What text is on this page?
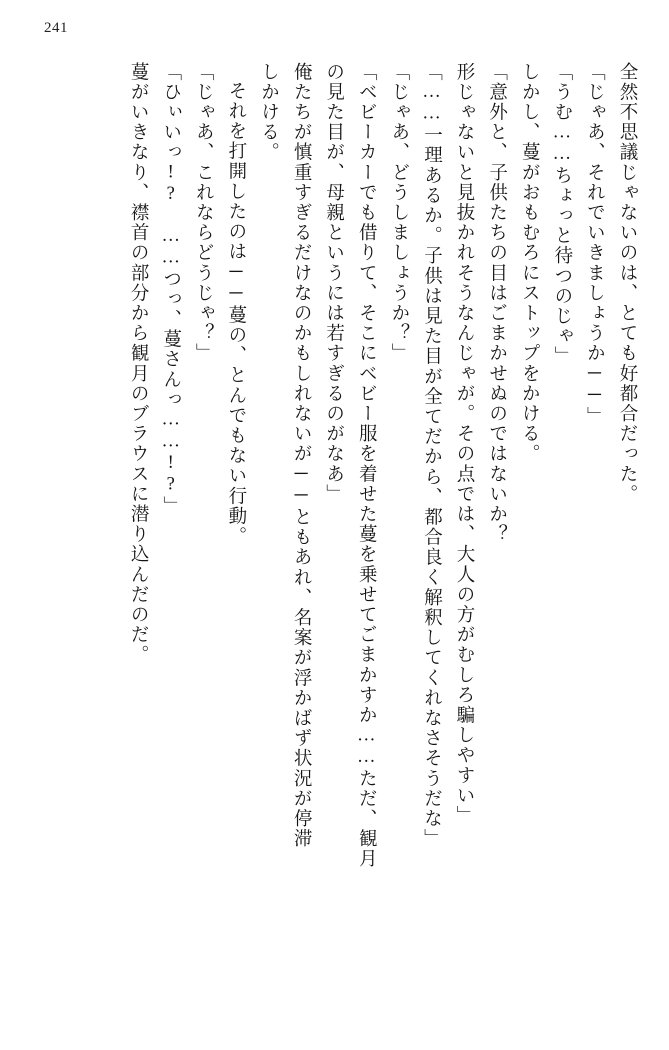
241
全然不思議じゃないのは、とても好都合だった。
「じゃあ、それでいきましょうか──」
「うむ……ちょっと待つのじゃ」
しかし、蔓がおもむろにストップをかける。
「意外と、子供たちの目はごまかせぬのではないか？
形じゃないと見抜かれそうなんじゃが。その点では、大人の方がむしろ騙しやすい」
「……一理あるか。子供は見た目が全てだから、都合良く解釈してくれなさそうだな」
「じゃあ、どうしましょうか？」
「ベビーカーでも借りて、そこにベビー服を着せた蔓を乗せてごまかすか……ただ、観月
の見た目が、母親というには若すぎるのがなあ」
俺たちが慎重すぎるだけなのかもしれないが──ともあれ、名案が浮かばず状況が停滞
しかける。
それを打開したのは──蔓の、とんでもない行動。
「じゃあ、これならどうじゃ？」
「ひぃいっ!?　……つっ、蔓さんっ……!?」
蔓がいきなり、襟首の部分から観月のブラウスに潜り込んだのだ。
